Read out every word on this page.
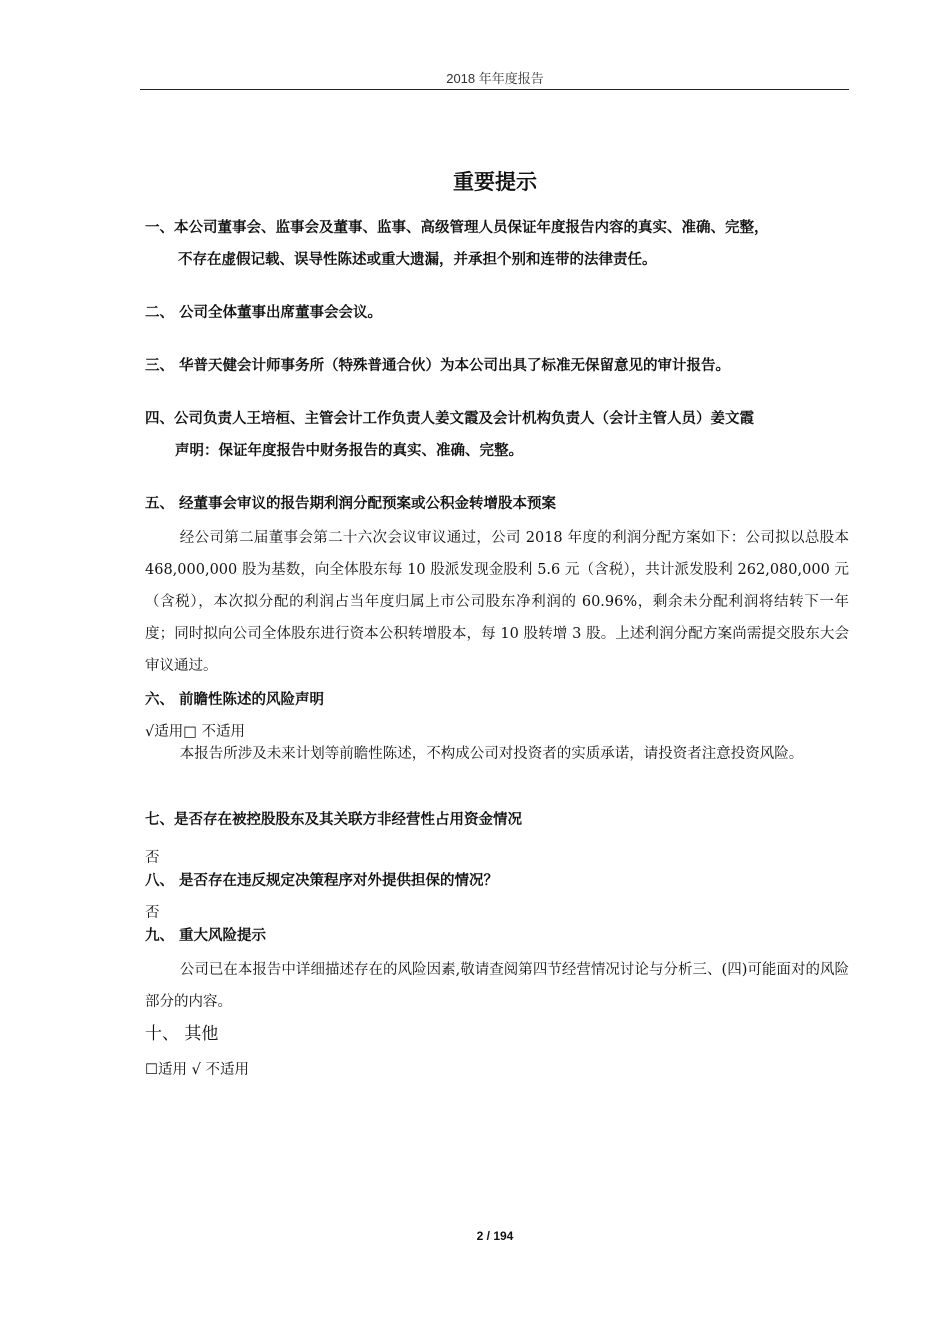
2018 年年度报告
重要提示
一、本公司董事会、监事会及董事、监事、高级管理人员保证年度报告内容的真实、准确、完整，
不存在虚假记载、误导性陈述或重大遗漏，并承担个别和连带的法律责任。
二、 公司全体董事出席董事会会议。
三、 华普天健会计师事务所（特殊普通合伙）为本公司出具了标准无保留意见的审计报告。
四、公司负责人王培桓、主管会计工作负责人姜文霞及会计机构负责人（会计主管人员）姜文霞
声明：保证年度报告中财务报告的真实、准确、完整。
五、 经董事会审议的报告期利润分配预案或公积金转增股本预案
经公司第二届董事会第二十六次会议审议通过，公司 2018 年度的利润分配方案如下：公司拟以总股本 468,000,000 股为基数，向全体股东每 10 股派发现金股利 5.6 元（含税），共计派发股利 262,080,000 元（含税），本次拟分配的利润占当年度归属上市公司股东净利润的 60.96%，剩余未分配利润将结转下一年度；同时拟向公司全体股东进行资本公积转增股本，每 10 股转增 3 股。上述利润分配方案尚需提交股东大会审议通过。
六、 前瞻性陈述的风险声明
√适用□ 不适用
本报告所涉及未来计划等前瞻性陈述，不构成公司对投资者的实质承诺，请投资者注意投资风险。
七、是否存在被控股股东及其关联方非经营性占用资金情况
否
八、 是否存在违反规定决策程序对外提供担保的情况？
否
九、 重大风险提示
公司已在本报告中详细描述存在的风险因素,敬请查阅第四节经营情况讨论与分析三、(四)可能面对的风险部分的内容。
十、 其他
☐适用 √ 不适用
2 / 194
